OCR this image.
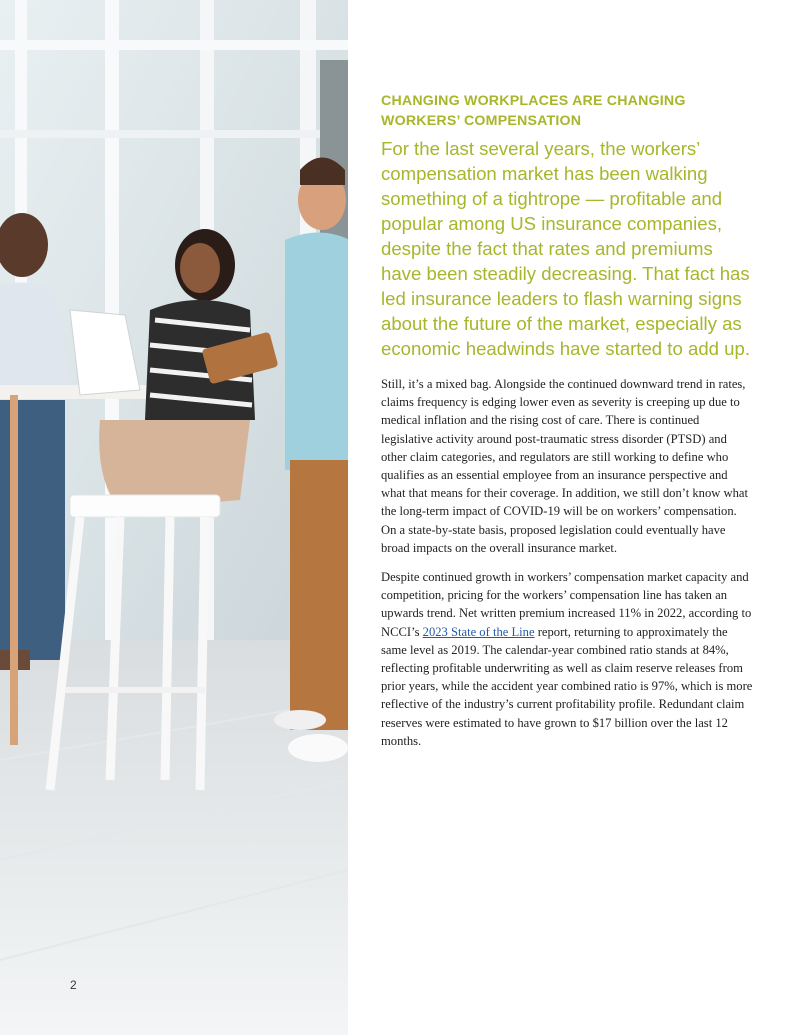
2
CHANGING WORKPLACES ARE CHANGING WORKERS’ COMPENSATION

For the last several years, the workers’ compensation market has been walking something of a tightrope — profitable and popular among US insurance companies, despite the fact that rates and premiums have been steadily decreasing. That fact has led insurance leaders to flash warning signs about the future of the market, especially as economic headwinds have started to add up.

Still, it’s a mixed bag. Alongside the continued downward trend in rates, claims frequency is edging lower even as severity is creeping up due to medical inflation and the rising cost of care. There is continued legislative activity around post-traumatic stress disorder (PTSD) and other claim categories, and regulators are still working to define who qualifies as an essential employee from an insurance perspective and what that means for their coverage. In addition, we still don’t know what the long-term impact of COVID-19 will be on workers’ compensation. On a state-by-state basis, proposed legislation could eventually have broad impacts on the overall insurance market.

Despite continued growth in workers’ compensation market capacity and competition, pricing for the workers’ compensation line has taken an upwards trend. Net written premium increased 11% in 2022, according to NCCI’s 2023 State of the Line report, returning to approximately the same level as 2019. The calendar-year combined ratio stands at 84%, reflecting profitable underwriting as well as claim reserve releases from prior years, while the accident year combined ratio is 97%, which is more reflective of the industry’s current profitability profile. Redundant claim reserves were estimated to have grown to $17 billion over the last 12 months.
